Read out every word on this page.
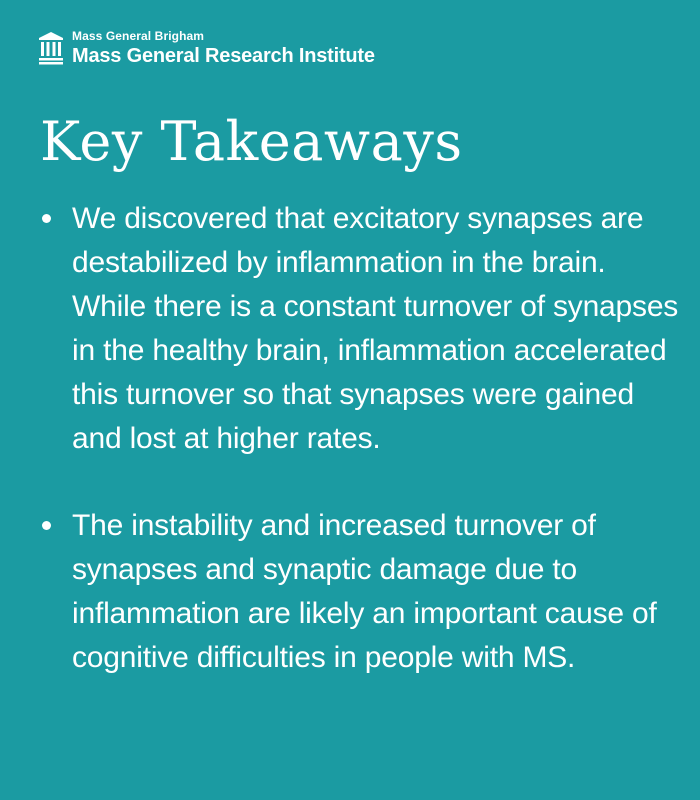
Mass General Brigham
Mass General Research Institute
Key Takeaways
We discovered that excitatory synapses are destabilized by inflammation in the brain. While there is a constant turnover of synapses in the healthy brain, inflammation accelerated this turnover so that synapses were gained and lost at higher rates.
The instability and increased turnover of synapses and synaptic damage due to inflammation are likely an important cause of cognitive difficulties in people with MS.
